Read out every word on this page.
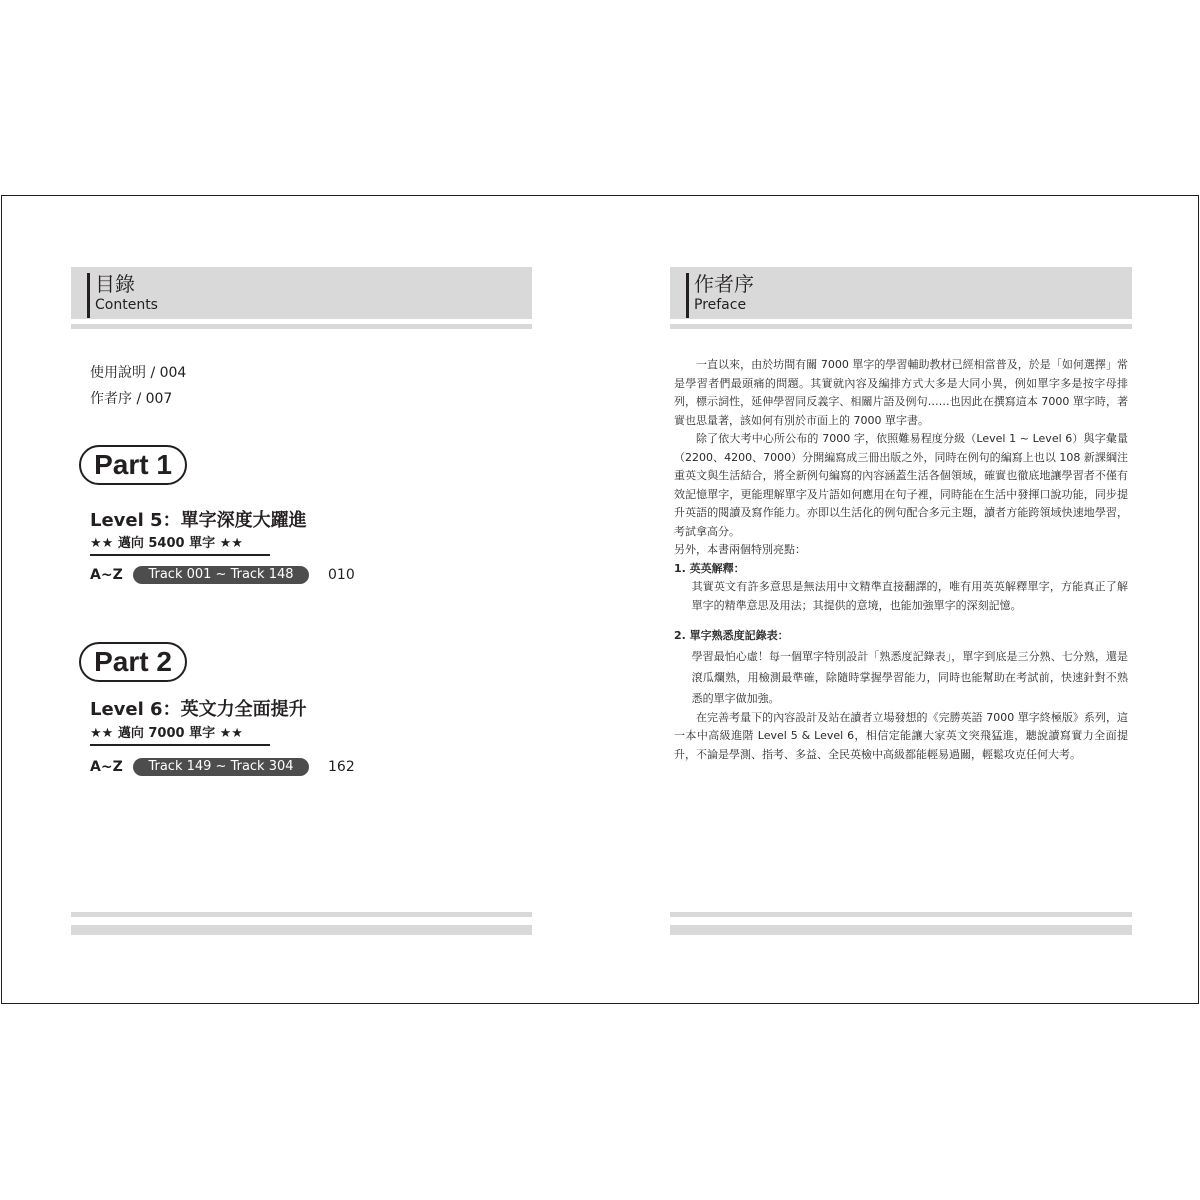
目錄
Contents
使用說明 / 004
作者序 / 007
Part 1
Level 5：單字深度大躍進
★★ 邁向 5400 單字 ★★
A~Z	Track 001 ~ Track 148	010
Part 2
Level 6：英文力全面提升
★★ 邁向 7000 單字 ★★
A~Z	Track 149 ~ Track 304	162
作者序
Preface

一直以來，由於坊間有關 7000 單字的學習輔助教材已經相當普及，於是「如何選擇」常是學習者們最頭痛的問題。其實就內容及編排方式大多是大同小異，例如單字多是按字母排列，標示詞性，延伸學習同反義字、相關片語及例句……也因此在撰寫這本 7000 單字時，著實也思量著，該如何有別於市面上的 7000 單字書。

除了依大考中心所公布的 7000 字，依照難易程度分級（Level 1 ~ Level 6）與字彙量（2200、4200、7000）分開編寫成三冊出版之外，同時在例句的編寫上也以 108 新課綱注重英文與生活結合，將全新例句編寫的內容涵蓋生活各個領域，確實也徹底地讓學習者不僅有效記憶單字，更能理解單字及片語如何應用在句子裡，同時能在生活中發揮口說功能，同步提升英語的閱讀及寫作能力。亦即以生活化的例句配合多元主題，讀者方能跨領域快速地學習，考試拿高分。

另外，本書兩個特別亮點：

1. 英英解釋：

其實英文有許多意思是無法用中文精準直接翻譯的，唯有用英英解釋單字，方能真正了解單字的精準意思及用法；其提供的意境，也能加強單字的深刻記憶。

2. 單字熟悉度記錄表：

學習最怕心虛！每一個單字特別設計「熟悉度記錄表」，單字到底是三分熟、七分熟，還是滾瓜爛熟，用檢測最準確，除隨時掌握學習能力，同時也能幫助在考試前，快速針對不熟悉的單字做加強。

在完善考量下的內容設計及站在讀者立場發想的《完勝英語 7000 單字終極版》系列，這一本中高級進階 Level 5 & Level 6，相信定能讓大家英文突飛猛進，聽說讀寫實力全面提升，不論是學測、指考、多益、全民英檢中高級都能輕易過關，輕鬆攻克任何大考。
